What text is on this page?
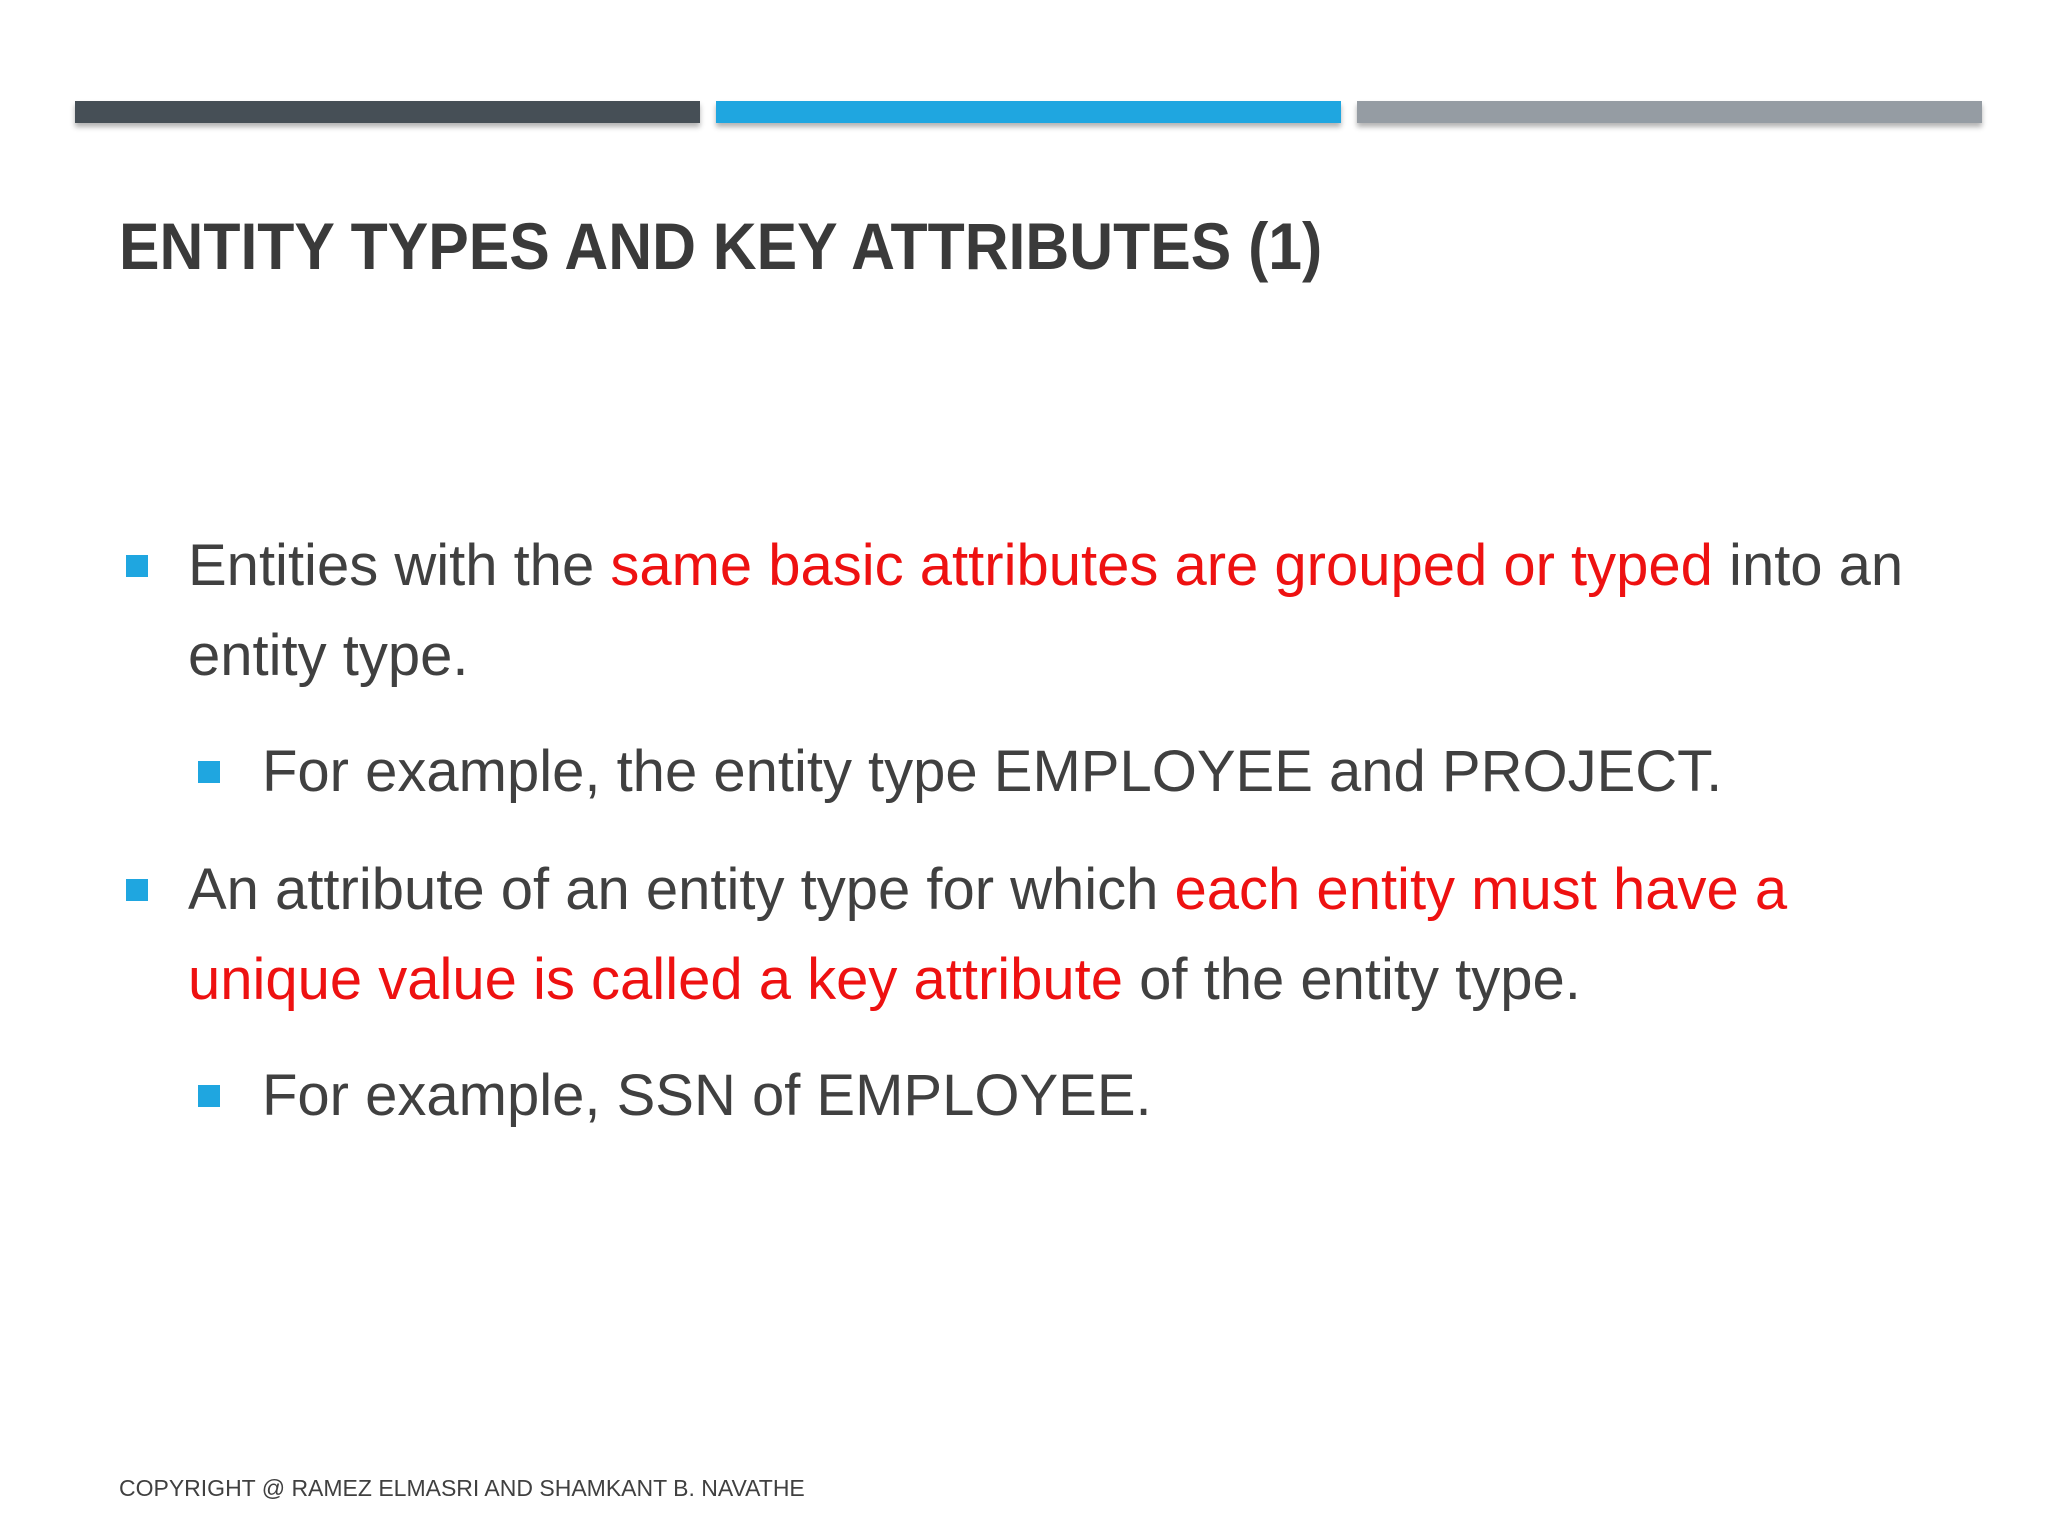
ENTITY TYPES AND KEY ATTRIBUTES (1)
Entities with the same basic attributes are grouped or typed into an entity type.
For example, the entity type EMPLOYEE and PROJECT.
An attribute of an entity type for which each entity must have a unique value is called a key attribute of the entity type.
For example, SSN of EMPLOYEE.
COPYRIGHT @ RAMEZ ELMASRI AND SHAMKANT B. NAVATHE
